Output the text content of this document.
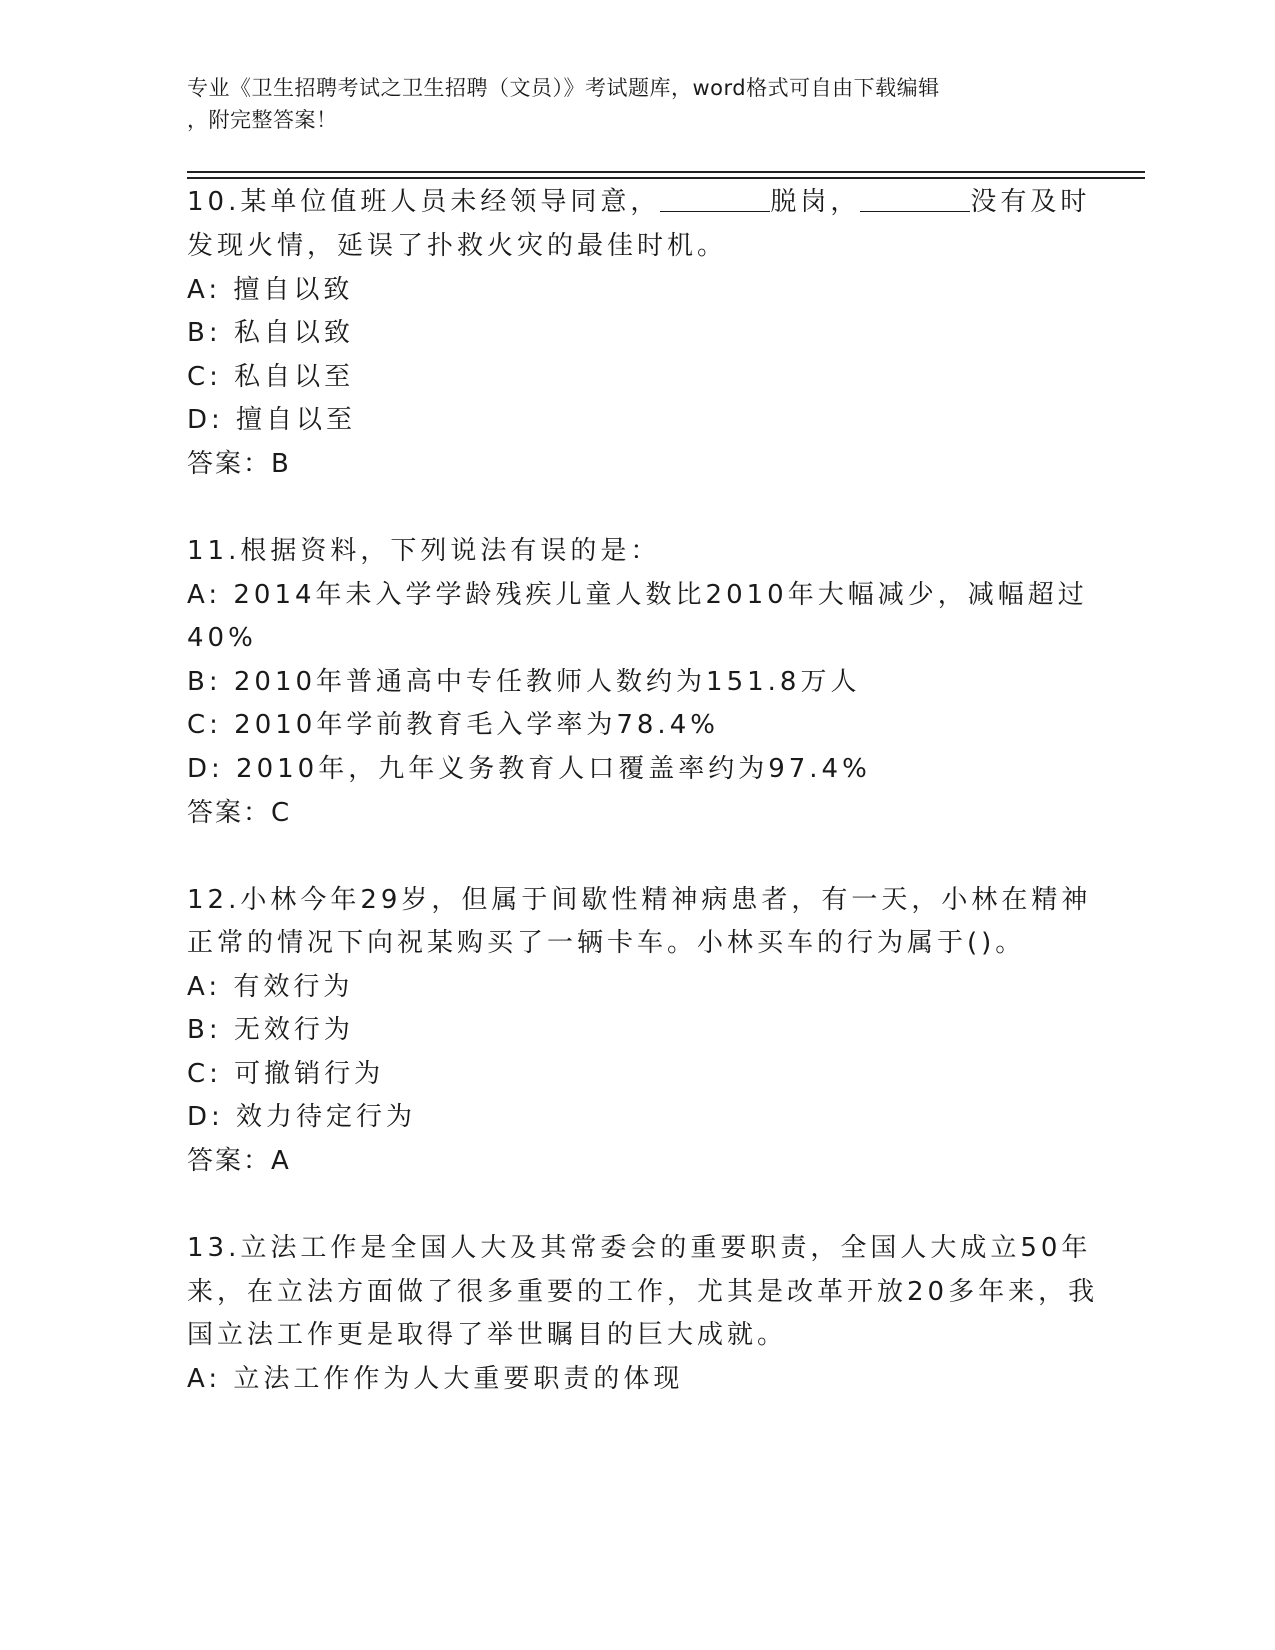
专业《卫生招聘考试之卫生招聘（文员）》考试题库，word格式可自由下载编辑
，附完整答案！
10.某单位值班人员未经领导同意，	脱岗，	没有及时
发现火情，延误了扑救火灾的最佳时机。
A: 擅自以致
B: 私自以致
C: 私自以至
D: 擅自以至
答案：B
11.根据资料，下列说法有误的是：
A: 2014年未入学学龄残疾儿童人数比2010年大幅减少，减幅超过
40%
B: 2010年普通高中专任教师人数约为151.8万人
C: 2010年学前教育毛入学率为78.4%
D: 2010年，九年义务教育人口覆盖率约为97.4%
答案：C
12.小林今年29岁，但属于间歇性精神病患者，有一天，小林在精神
正常的情况下向祝某购买了一辆卡车。小林买车的行为属于()。
A: 有效行为
B: 无效行为
C: 可撤销行为
D: 效力待定行为
答案：A
13.立法工作是全国人大及其常委会的重要职责，全国人大成立50年
来，在立法方面做了很多重要的工作，尤其是改革开放20多年来，我
国立法工作更是取得了举世瞩目的巨大成就。
A: 立法工作作为人大重要职责的体现
